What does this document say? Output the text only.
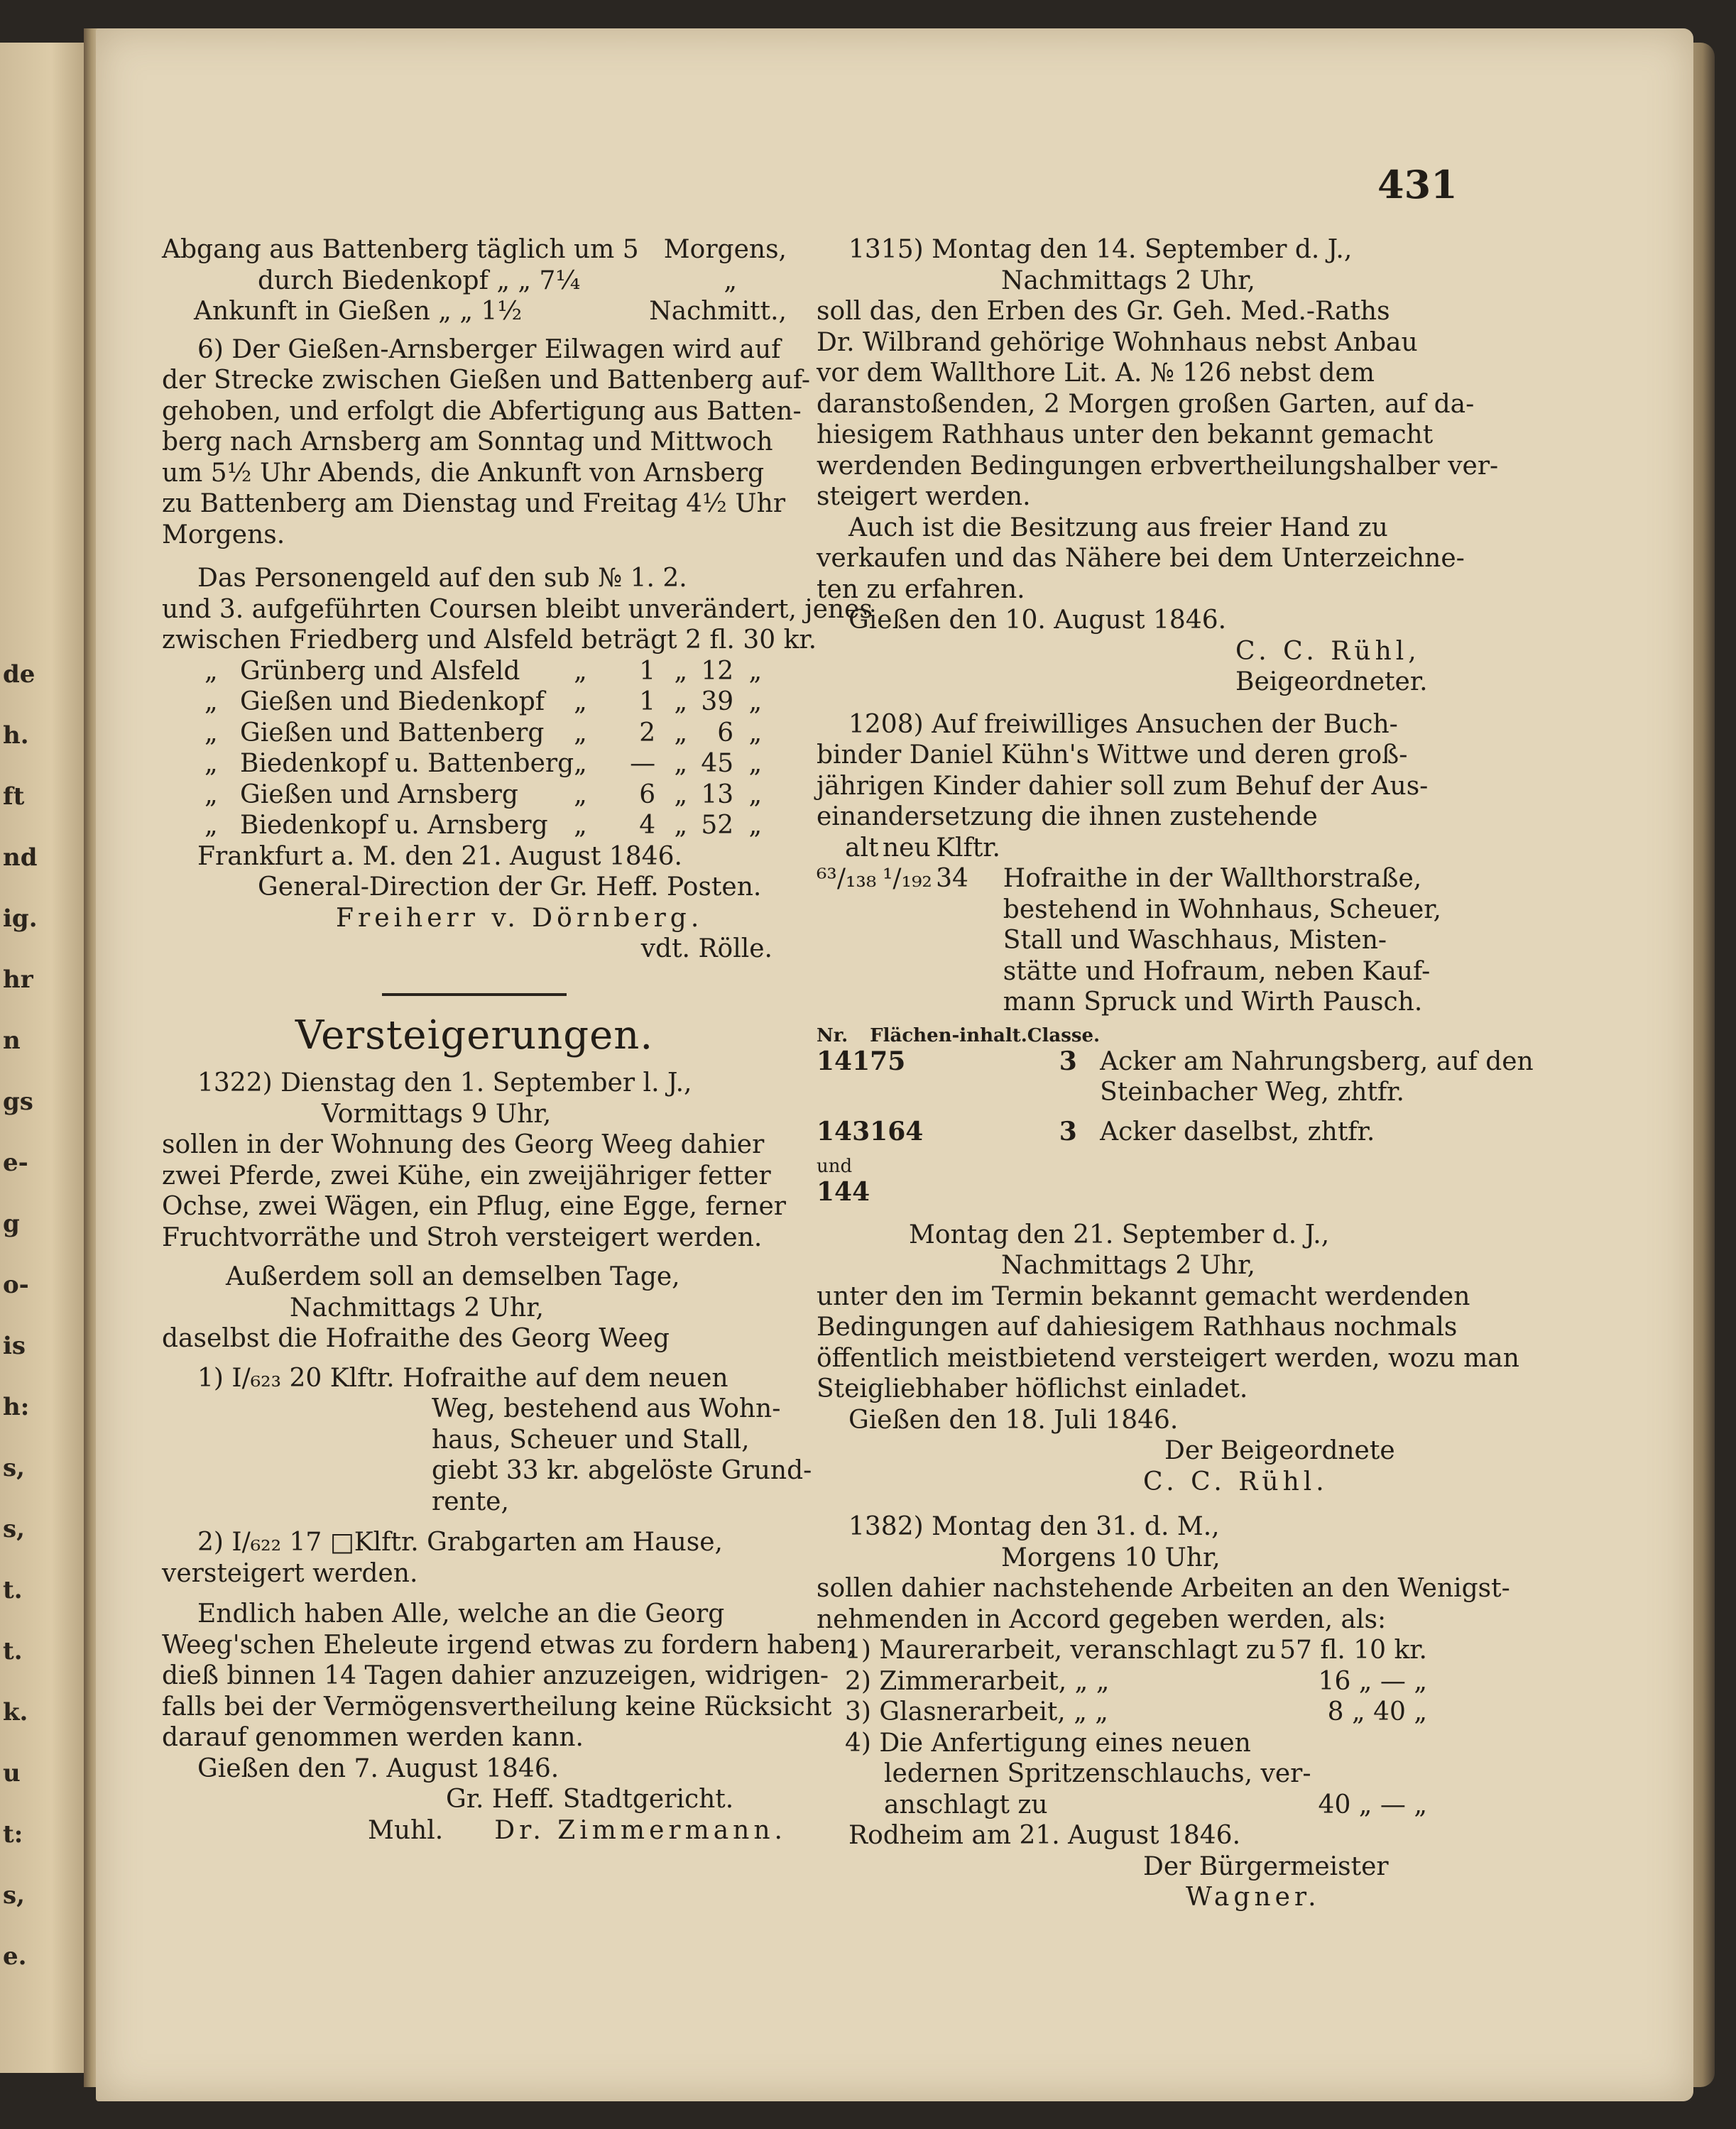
de
h.
ft
nd
ig.
hr
n
gs
e-
g
o-
is
h:
s,
s,
t.
t.
k.
u
t:
s,
e.
431

Abgang aus Battenberg täglich um 5 Morgens,

durch Biedenkopf „ „ 7¼	„

Ankunft in Gießen „ „ 1½	Nachmitt.,

6) Der Gießen-Arnsberger Eilwagen wird auf

der Strecke zwischen Gießen und Battenberg auf-

gehoben, und erfolgt die Abfertigung aus Batten-

berg nach Arnsberg am Sonntag und Mittwoch

um 5½ Uhr Abends, die Ankunft von Arnsberg

zu Battenberg am Dienstag und Freitag 4½ Uhr

Morgens.

Das Personengeld auf den sub № 1. 2.

und 3. aufgeführten Coursen bleibt unverändert, jenes

zwischen Friedberg und Alsfeld beträgt 2 fl. 30 kr.

„	Grünberg und Alsfeld	„	1	„	12	„
„	Gießen und Biedenkopf	„	1	„	39	„
„	Gießen und Battenberg	„	2	„	6	„
„	Biedenkopf u. Battenberg	„	—	„	45	„
„	Gießen und Arnsberg	„	6	„	13	„
„	Biedenkopf u. Arnsberg	„	4	„	52	„

Frankfurt a. M. den 21. August 1846.

General-Direction der Gr. Heff. Posten.

Freiherr v. Dörnberg.

vdt. Rölle.

Versteigerungen.

1322) Dienstag den 1. September l. J.,

Vormittags 9 Uhr,

sollen in der Wohnung des Georg Weeg dahier

zwei Pferde, zwei Kühe, ein zweijähriger fetter

Ochse, zwei Wägen, ein Pflug, eine Egge, ferner

Fruchtvorräthe und Stroh versteigert werden.

Außerdem soll an demselben Tage,

Nachmittags 2 Uhr,

daselbst die Hofraithe des Georg Weeg

1) I/₆₂₃ 20 Klftr. Hofraithe auf dem neuen

Weg, bestehend aus Wohn-

haus, Scheuer und Stall,

giebt 33 kr. abgelöste Grund-

rente,

2) I/₆₂₂ 17 □Klftr. Grabgarten am Hause,

versteigert werden.

Endlich haben Alle, welche an die Georg

Weeg'schen Eheleute irgend etwas zu fordern haben,

dieß binnen 14 Tagen dahier anzuzeigen, widrigen-

falls bei der Vermögensvertheilung keine Rücksicht

darauf genommen werden kann.

Gießen den 7. August 1846.

Gr. Heff. Stadtgericht.

Muhl. Dr. Zimmermann.

1315) Montag den 14. September d. J.,

Nachmittags 2 Uhr,

soll das, den Erben des Gr. Geh. Med.-Raths

Dr. Wilbrand gehörige Wohnhaus nebst Anbau

vor dem Wallthore Lit. A. № 126 nebst dem

daranstoßenden, 2 Morgen großen Garten, auf da-

hiesigem Rathhaus unter den bekannt gemacht

werdenden Bedingungen erbvertheilungshalber ver-

steigert werden.

Auch ist die Besitzung aus freier Hand zu

verkaufen und das Nähere bei dem Unterzeichne-

ten zu erfahren.

Gießen den 10. August 1846.

C. C. Rühl,

Beigeordneter.

1208) Auf freiwilliges Ansuchen der Buch-

binder Daniel Kühn's Wittwe und deren groß-

jährigen Kinder dahier soll zum Behuf der Aus-

einandersetzung die ihnen zustehende

alt	neu	Klftr.	
⁶³/₁₃₈	¹/₁₉₂	34	Hofraithe in der Wallthorstraße,
bestehend in Wohnhaus, Scheuer,
Stall und Waschhaus, Misten-
stätte und Hofraum, neben Kauf-
mann Spruck und Wirth Pausch.
Nr.	Flächen-inhalt.	Classe.	
141	75	3	Acker am Nahrungsberg, auf den
Steinbacher Weg, zhtfr.

143	164	3	Acker daselbst, zhtfr.

und			
144			

Montag den 21. September d. J.,

Nachmittags 2 Uhr,

unter den im Termin bekannt gemacht werdenden

Bedingungen auf dahiesigem Rathhaus nochmals

öffentlich meistbietend versteigert werden, wozu man

Steigliebhaber höflichst einladet.

Gießen den 18. Juli 1846.

Der Beigeordnete

C. C. Rühl.

1382) Montag den 31. d. M.,

Morgens 10 Uhr,

sollen dahier nachstehende Arbeiten an den Wenigst-

nehmenden in Accord gegeben werden, als:

1) Maurerarbeit, veranschlagt zu 57 fl. 10 kr.

2) Zimmerarbeit, „ „	16 „ — „

3) Glasnerarbeit, „ „	8 „ 40 „

4) Die Anfertigung eines neuen
ledernen Spritzenschlauchs, ver-
anschlagt zu	40 „ — „

Rodheim am 21. August 1846.

Der Bürgermeister

Wagner.
